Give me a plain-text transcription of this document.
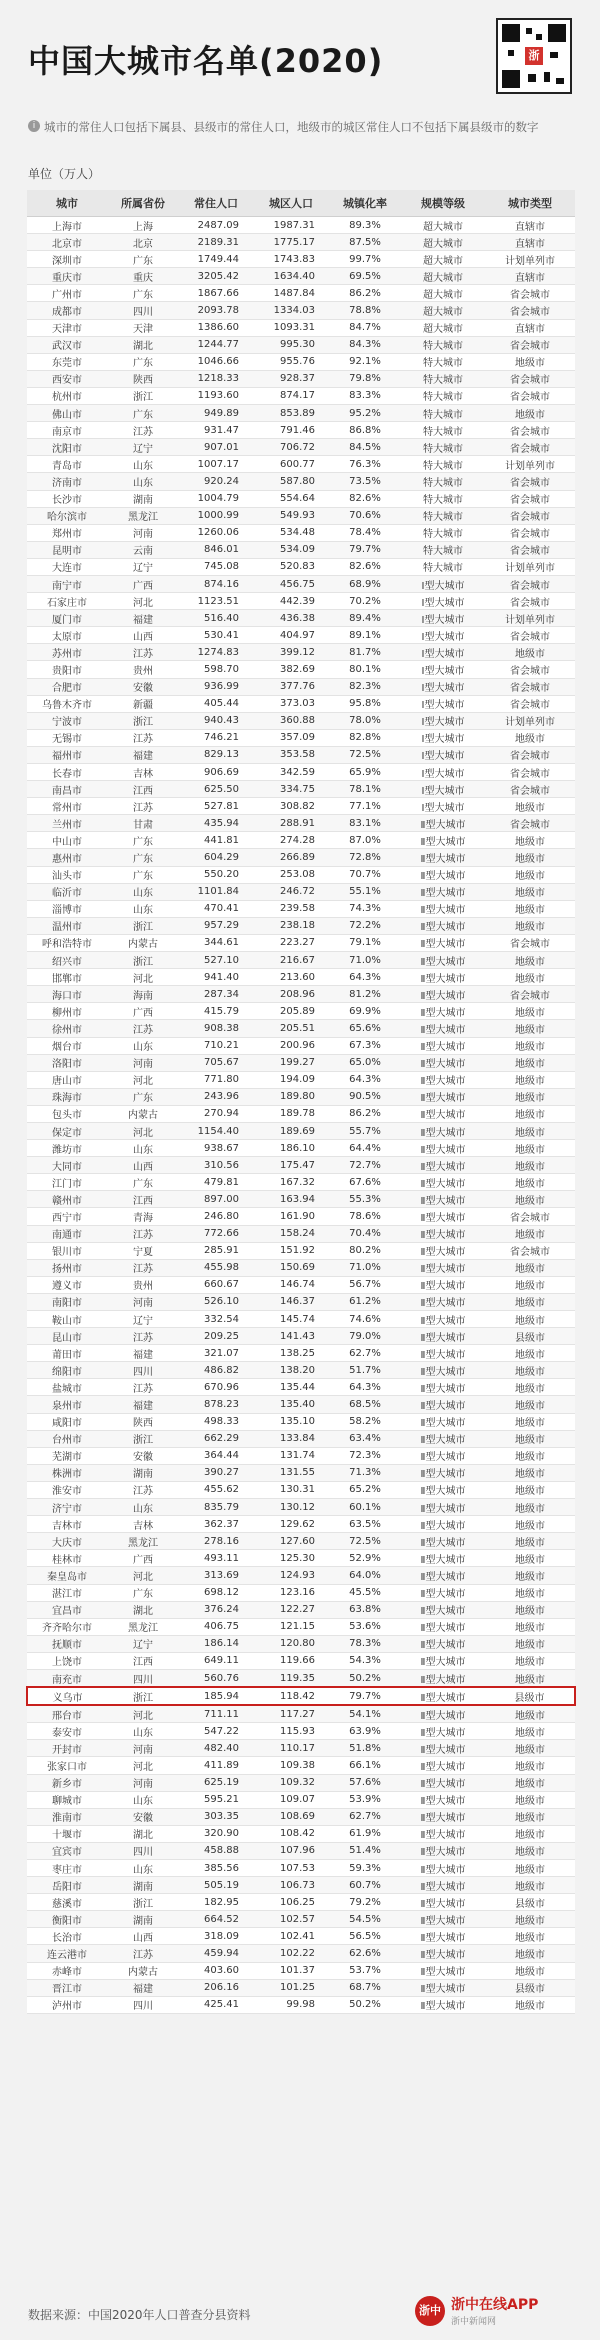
中国大城市名单(2020)	浙
i 城市的常住人口包括下属县、县级市的常住人口，地级市的城区常住人口不包括下属县级市的数字
单位（万人）
城市	所属省份	常住人口	城区人口	城镇化率	规模等级	城市类型
上海市	上海	2487.09	1987.31	89.3%	超大城市	直辖市
北京市	北京	2189.31	1775.17	87.5%	超大城市	直辖市
深圳市	广东	1749.44	1743.83	99.7%	超大城市	计划单列市
重庆市	重庆	3205.42	1634.40	69.5%	超大城市	直辖市
广州市	广东	1867.66	1487.84	86.2%	超大城市	省会城市
成都市	四川	2093.78	1334.03	78.8%	超大城市	省会城市
天津市	天津	1386.60	1093.31	84.7%	超大城市	直辖市
武汉市	湖北	1244.77	995.30	84.3%	特大城市	省会城市
东莞市	广东	1046.66	955.76	92.1%	特大城市	地级市
西安市	陕西	1218.33	928.37	79.8%	特大城市	省会城市
杭州市	浙江	1193.60	874.17	83.3%	特大城市	省会城市
佛山市	广东	949.89	853.89	95.2%	特大城市	地级市
南京市	江苏	931.47	791.46	86.8%	特大城市	省会城市
沈阳市	辽宁	907.01	706.72	84.5%	特大城市	省会城市
青岛市	山东	1007.17	600.77	76.3%	特大城市	计划单列市
济南市	山东	920.24	587.80	73.5%	特大城市	省会城市
长沙市	湖南	1004.79	554.64	82.6%	特大城市	省会城市
哈尔滨市	黑龙江	1000.99	549.93	70.6%	特大城市	省会城市
郑州市	河南	1260.06	534.48	78.4%	特大城市	省会城市
昆明市	云南	846.01	534.09	79.7%	特大城市	省会城市
大连市	辽宁	745.08	520.83	82.6%	特大城市	计划单列市
南宁市	广西	874.16	456.75	68.9%	Ⅰ型大城市	省会城市
石家庄市	河北	1123.51	442.39	70.2%	Ⅰ型大城市	省会城市
厦门市	福建	516.40	436.38	89.4%	Ⅰ型大城市	计划单列市
太原市	山西	530.41	404.97	89.1%	Ⅰ型大城市	省会城市
苏州市	江苏	1274.83	399.12	81.7%	Ⅰ型大城市	地级市
贵阳市	贵州	598.70	382.69	80.1%	Ⅰ型大城市	省会城市
合肥市	安徽	936.99	377.76	82.3%	Ⅰ型大城市	省会城市
乌鲁木齐市	新疆	405.44	373.03	95.8%	Ⅰ型大城市	省会城市
宁波市	浙江	940.43	360.88	78.0%	Ⅰ型大城市	计划单列市
无锡市	江苏	746.21	357.09	82.8%	Ⅰ型大城市	地级市
福州市	福建	829.13	353.58	72.5%	Ⅰ型大城市	省会城市
长春市	吉林	906.69	342.59	65.9%	Ⅰ型大城市	省会城市
南昌市	江西	625.50	334.75	78.1%	Ⅰ型大城市	省会城市
常州市	江苏	527.81	308.82	77.1%	Ⅰ型大城市	地级市
兰州市	甘肃	435.94	288.91	83.1%	Ⅱ型大城市	省会城市
中山市	广东	441.81	274.28	87.0%	Ⅱ型大城市	地级市
惠州市	广东	604.29	266.89	72.8%	Ⅱ型大城市	地级市
汕头市	广东	550.20	253.08	70.7%	Ⅱ型大城市	地级市
临沂市	山东	1101.84	246.72	55.1%	Ⅱ型大城市	地级市
淄博市	山东	470.41	239.58	74.3%	Ⅱ型大城市	地级市
温州市	浙江	957.29	238.18	72.2%	Ⅱ型大城市	地级市
呼和浩特市	内蒙古	344.61	223.27	79.1%	Ⅱ型大城市	省会城市
绍兴市	浙江	527.10	216.67	71.0%	Ⅱ型大城市	地级市
邯郸市	河北	941.40	213.60	64.3%	Ⅱ型大城市	地级市
海口市	海南	287.34	208.96	81.2%	Ⅱ型大城市	省会城市
柳州市	广西	415.79	205.89	69.9%	Ⅱ型大城市	地级市
徐州市	江苏	908.38	205.51	65.6%	Ⅱ型大城市	地级市
烟台市	山东	710.21	200.96	67.3%	Ⅱ型大城市	地级市
洛阳市	河南	705.67	199.27	65.0%	Ⅱ型大城市	地级市
唐山市	河北	771.80	194.09	64.3%	Ⅱ型大城市	地级市
珠海市	广东	243.96	189.80	90.5%	Ⅱ型大城市	地级市
包头市	内蒙古	270.94	189.78	86.2%	Ⅱ型大城市	地级市
保定市	河北	1154.40	189.69	55.7%	Ⅱ型大城市	地级市
潍坊市	山东	938.67	186.10	64.4%	Ⅱ型大城市	地级市
大同市	山西	310.56	175.47	72.7%	Ⅱ型大城市	地级市
江门市	广东	479.81	167.32	67.6%	Ⅱ型大城市	地级市
赣州市	江西	897.00	163.94	55.3%	Ⅱ型大城市	地级市
西宁市	青海	246.80	161.90	78.6%	Ⅱ型大城市	省会城市
南通市	江苏	772.66	158.24	70.4%	Ⅱ型大城市	地级市
银川市	宁夏	285.91	151.92	80.2%	Ⅱ型大城市	省会城市
扬州市	江苏	455.98	150.69	71.0%	Ⅱ型大城市	地级市
遵义市	贵州	660.67	146.74	56.7%	Ⅱ型大城市	地级市
南阳市	河南	526.10	146.37	61.2%	Ⅱ型大城市	地级市
鞍山市	辽宁	332.54	145.74	74.6%	Ⅱ型大城市	地级市
昆山市	江苏	209.25	141.43	79.0%	Ⅱ型大城市	县级市
莆田市	福建	321.07	138.25	62.7%	Ⅱ型大城市	地级市
绵阳市	四川	486.82	138.20	51.7%	Ⅱ型大城市	地级市
盐城市	江苏	670.96	135.44	64.3%	Ⅱ型大城市	地级市
泉州市	福建	878.23	135.40	68.5%	Ⅱ型大城市	地级市
咸阳市	陕西	498.33	135.10	58.2%	Ⅱ型大城市	地级市
台州市	浙江	662.29	133.84	63.4%	Ⅱ型大城市	地级市
芜湖市	安徽	364.44	131.74	72.3%	Ⅱ型大城市	地级市
株洲市	湖南	390.27	131.55	71.3%	Ⅱ型大城市	地级市
淮安市	江苏	455.62	130.31	65.2%	Ⅱ型大城市	地级市
济宁市	山东	835.79	130.12	60.1%	Ⅱ型大城市	地级市
吉林市	吉林	362.37	129.62	63.5%	Ⅱ型大城市	地级市
大庆市	黑龙江	278.16	127.60	72.5%	Ⅱ型大城市	地级市
桂林市	广西	493.11	125.30	52.9%	Ⅱ型大城市	地级市
秦皇岛市	河北	313.69	124.93	64.0%	Ⅱ型大城市	地级市
湛江市	广东	698.12	123.16	45.5%	Ⅱ型大城市	地级市
宜昌市	湖北	376.24	122.27	63.8%	Ⅱ型大城市	地级市
齐齐哈尔市	黑龙江	406.75	121.15	53.6%	Ⅱ型大城市	地级市
抚顺市	辽宁	186.14	120.80	78.3%	Ⅱ型大城市	地级市
上饶市	江西	649.11	119.66	54.3%	Ⅱ型大城市	地级市
南充市	四川	560.76	119.35	50.2%	Ⅱ型大城市	地级市
义乌市	浙江	185.94	118.42	79.7%	Ⅱ型大城市	县级市
邢台市	河北	711.11	117.27	54.1%	Ⅱ型大城市	地级市
泰安市	山东	547.22	115.93	63.9%	Ⅱ型大城市	地级市
开封市	河南	482.40	110.17	51.8%	Ⅱ型大城市	地级市
张家口市	河北	411.89	109.38	66.1%	Ⅱ型大城市	地级市
新乡市	河南	625.19	109.32	57.6%	Ⅱ型大城市	地级市
聊城市	山东	595.21	109.07	53.9%	Ⅱ型大城市	地级市
淮南市	安徽	303.35	108.69	62.7%	Ⅱ型大城市	地级市
十堰市	湖北	320.90	108.42	61.9%	Ⅱ型大城市	地级市
宜宾市	四川	458.88	107.96	51.4%	Ⅱ型大城市	地级市
枣庄市	山东	385.56	107.53	59.3%	Ⅱ型大城市	地级市
岳阳市	湖南	505.19	106.73	60.7%	Ⅱ型大城市	地级市
慈溪市	浙江	182.95	106.25	79.2%	Ⅱ型大城市	县级市
衡阳市	湖南	664.52	102.57	54.5%	Ⅱ型大城市	地级市
长治市	山西	318.09	102.41	56.5%	Ⅱ型大城市	地级市
连云港市	江苏	459.94	102.22	62.6%	Ⅱ型大城市	地级市
赤峰市	内蒙古	403.60	101.37	53.7%	Ⅱ型大城市	地级市
晋江市	福建	206.16	101.25	68.7%	Ⅱ型大城市	县级市
泸州市	四川	425.41	99.98	50.2%	Ⅱ型大城市	地级市
数据来源：中国2020年人口普查分县资料	浙中 浙中在线APP
浙中新闻网
